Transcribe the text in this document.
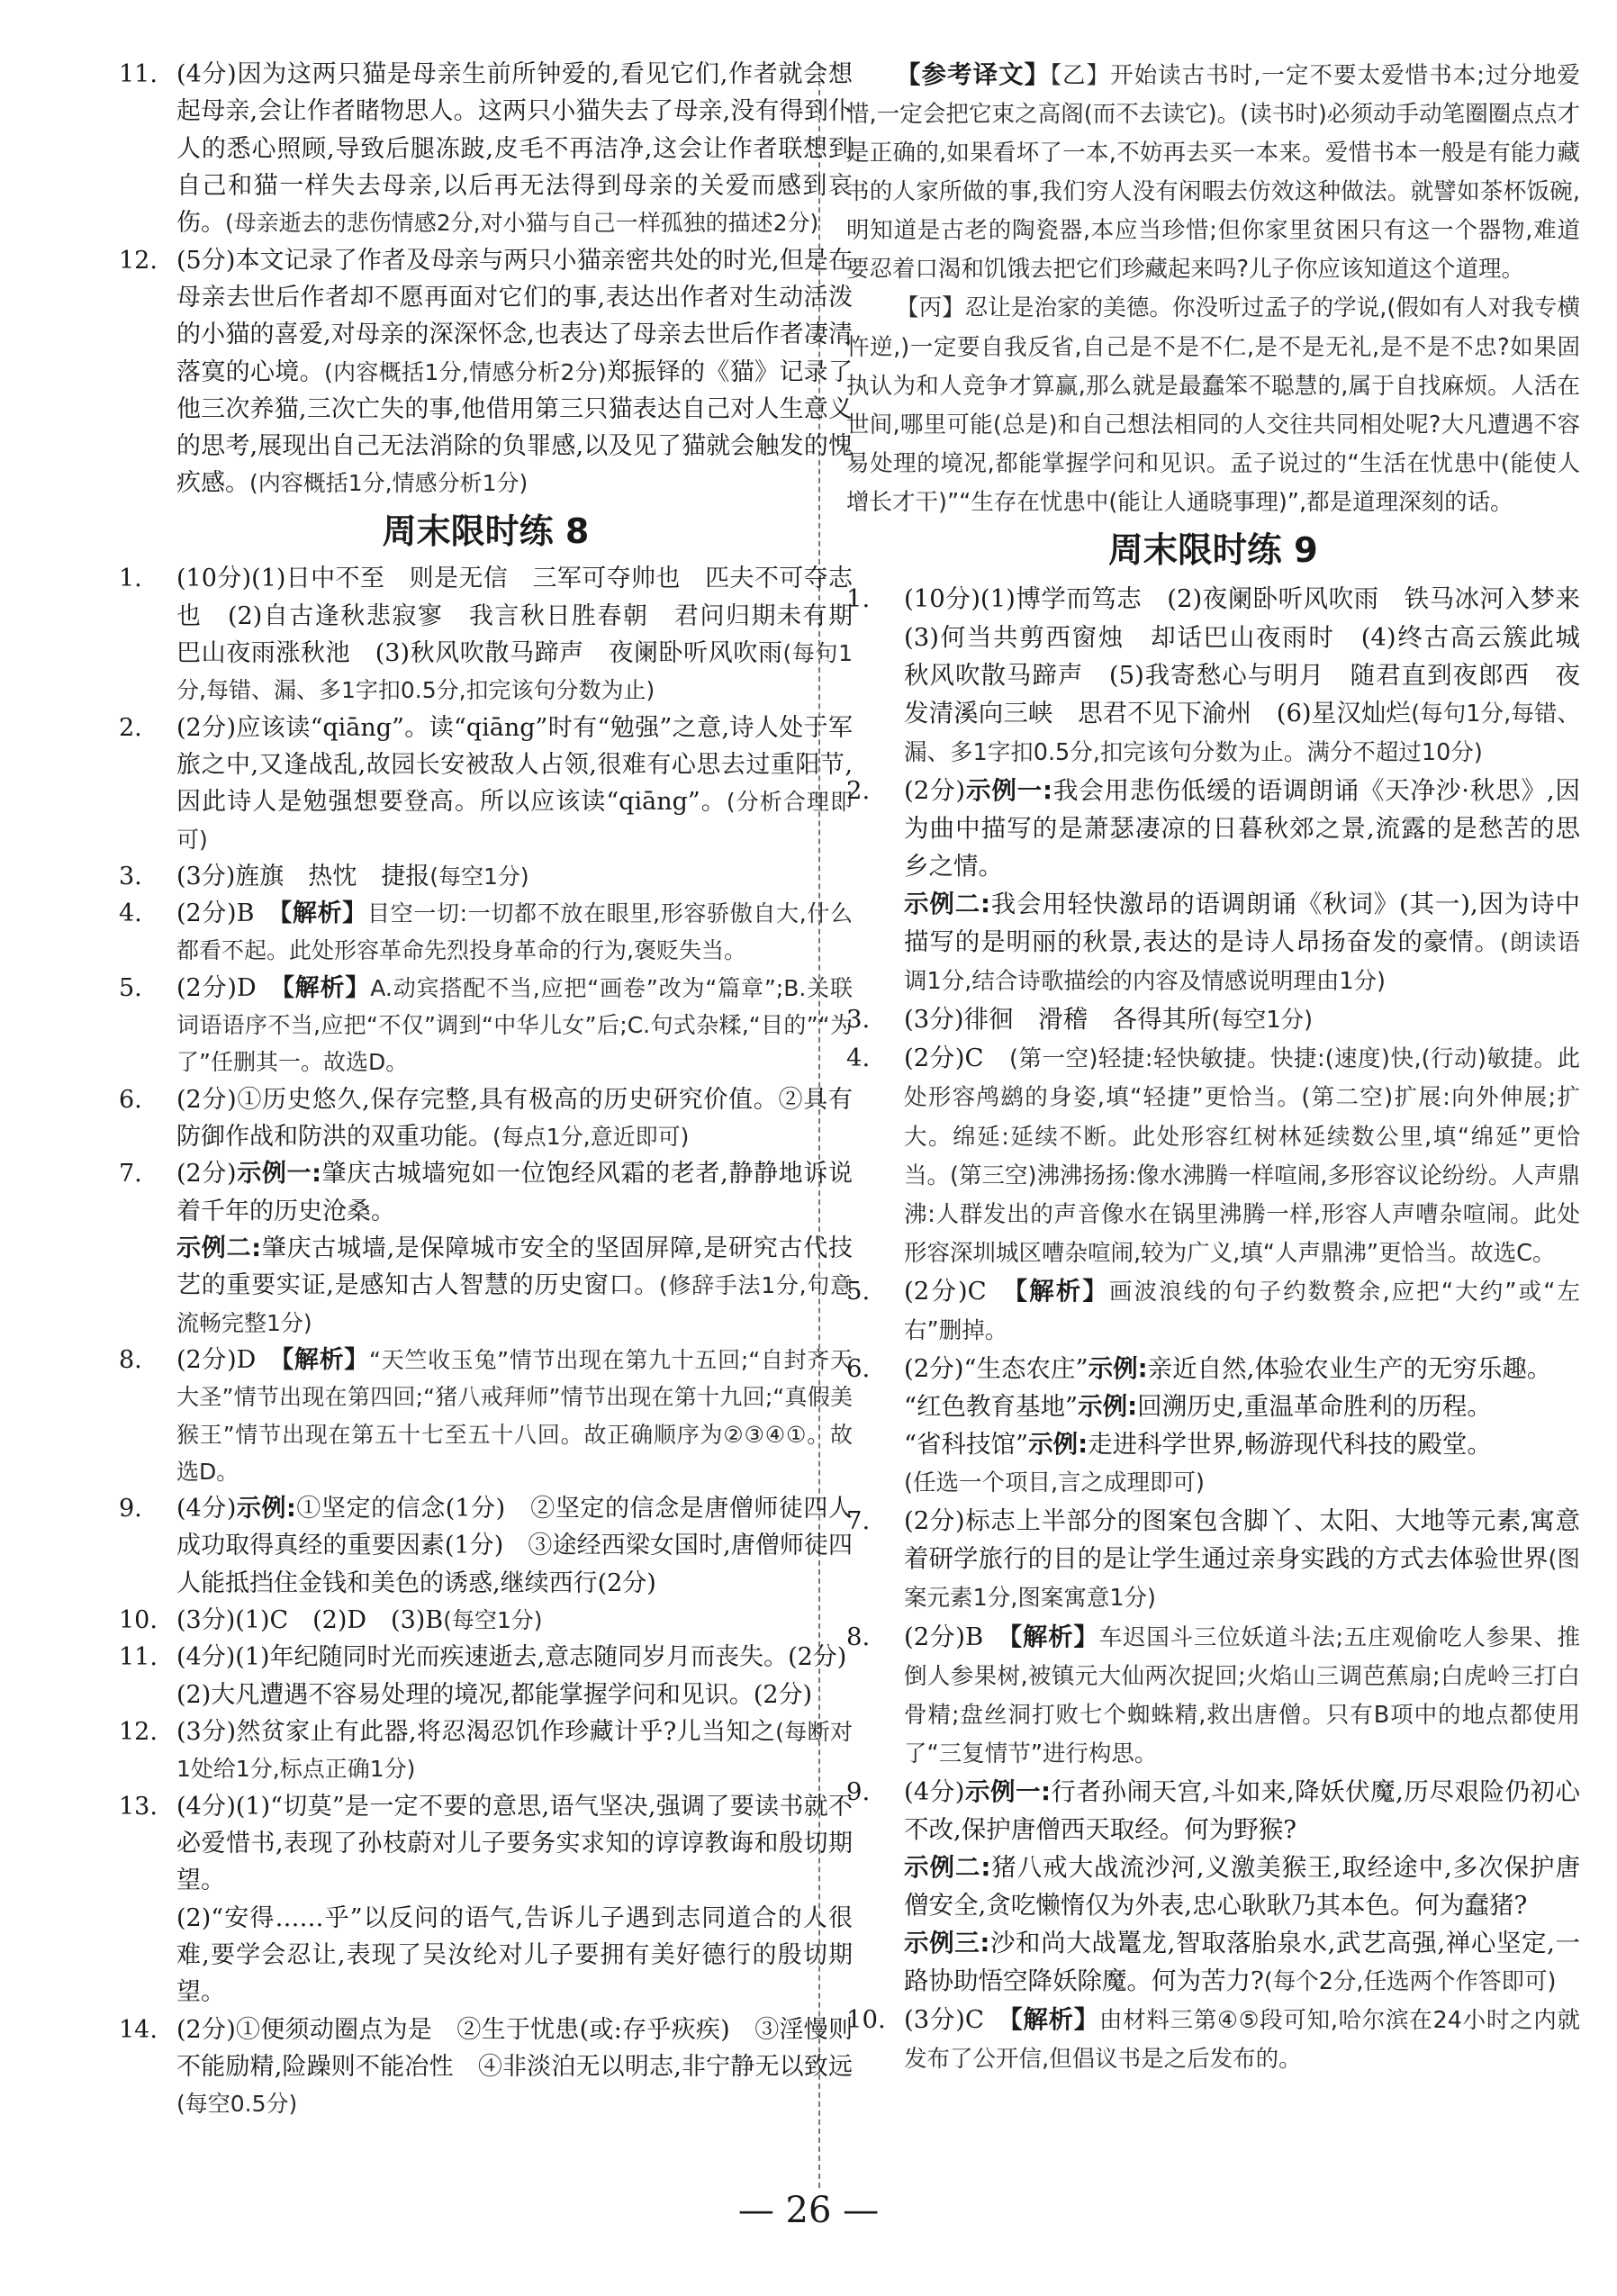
11. (4分)因为这两只猫是母亲生前所钟爱的,看见它们,作者就会想起母亲,会让作者睹物思人。这两只小猫失去了母亲,没有得到仆人的悉心照顾,导致后腿冻跛,皮毛不再洁净,这会让作者联想到自己和猫一样失去母亲,以后再无法得到母亲的关爱而感到哀伤。(母亲逝去的悲伤情感2分,对小猫与自己一样孤独的描述2分)

12. (5分)本文记录了作者及母亲与两只小猫亲密共处的时光,但是在母亲去世后作者却不愿再面对它们的事,表达出作者对生动活泼的小猫的喜爱,对母亲的深深怀念,也表达了母亲去世后作者凄清落寞的心境。(内容概括1分,情感分析2分)郑振铎的《猫》记录了他三次养猫,三次亡失的事,他借用第三只猫表达自己对人生意义的思考,展现出自己无法消除的负罪感,以及见了猫就会触发的愧疚感。(内容概括1分,情感分析1分)

周末限时练 8

1.	(10分)(1)日中不至　则是无信　三军可夺帅也　匹夫不可夺志也　(2)自古逢秋悲寂寥　我言秋日胜春朝　君问归期未有期　巴山夜雨涨秋池　(3)秋风吹散马蹄声　夜阑卧听风吹雨(每句1分,每错、漏、多1字扣0.5分,扣完该句分数为止)

2.	(2分)应该读“qiāng”。读“qiāng”时有“勉强”之意,诗人处于军旅之中,又逢战乱,故园长安被敌人占领,很难有心思去过重阳节,因此诗人是勉强想要登高。所以应该读“qiāng”。(分析合理即可)

3.	(3分)旌旗　热忱　捷报(每空1分)

4.	(2分)B　【解析】目空一切:一切都不放在眼里,形容骄傲自大,什么都看不起。此处形容革命先烈投身革命的行为,褒贬失当。

5.	(2分)D　【解析】A.动宾搭配不当,应把“画卷”改为“篇章”;B.关联词语语序不当,应把“不仅”调到“中华儿女”后;C.句式杂糅,“目的”“为了”任删其一。故选D。

6.	(2分)①历史悠久,保存完整,具有极高的历史研究价值。②具有防御作战和防洪的双重功能。(每点1分,意近即可)

7.	(2分)示例一:肇庆古城墙宛如一位饱经风霜的老者,静静地诉说着千年的历史沧桑。
示例二:肇庆古城墙,是保障城市安全的坚固屏障,是研究古代技艺的重要实证,是感知古人智慧的历史窗口。(修辞手法1分,句意流畅完整1分)

8.	(2分)D　【解析】“天竺收玉兔”情节出现在第九十五回;“自封齐天大圣”情节出现在第四回;“猪八戒拜师”情节出现在第十九回;“真假美猴王”情节出现在第五十七至五十八回。故正确顺序为②③④①。故选D。

9.	(4分)示例:①坚定的信念(1分)　②坚定的信念是唐僧师徒四人成功取得真经的重要因素(1分)　③途经西梁女国时,唐僧师徒四人能抵挡住金钱和美色的诱惑,继续西行(2分)

10. (3分)(1)C　(2)D　(3)B(每空1分)

11. (4分)(1)年纪随同时光而疾速逝去,意志随同岁月而丧失。(2分)
(2)大凡遭遇不容易处理的境况,都能掌握学问和见识。(2分)

12. (3分)然贫家止有此器,将忍渴忍饥作珍藏计乎?儿当知之(每断对1处给1分,标点正确1分)

13. (4分)(1)“切莫”是一定不要的意思,语气坚决,强调了要读书就不必爱惜书,表现了孙枝蔚对儿子要务实求知的谆谆教诲和殷切期望。
(2)“安得……乎”以反问的语气,告诉儿子遇到志同道合的人很难,要学会忍让,表现了吴汝纶对儿子要拥有美好德行的殷切期望。

14. (2分)①便须动圈点为是　②生于忧患(或:存乎疢疾)　③淫慢则不能励精,险躁则不能冶性　④非淡泊无以明志,非宁静无以致远(每空0.5分)

【参考译文】【乙】开始读古书时,一定不要太爱惜书本;过分地爱惜,一定会把它束之高阁(而不去读它)。(读书时)必须动手动笔圈圈点点才是正确的,如果看坏了一本,不妨再去买一本来。爱惜书本一般是有能力藏书的人家所做的事,我们穷人没有闲暇去仿效这种做法。就譬如茶杯饭碗,明知道是古老的陶瓷器,本应当珍惜;但你家里贫困只有这一个器物,难道要忍着口渴和饥饿去把它们珍藏起来吗?儿子你应该知道这个道理。

【丙】忍让是治家的美德。你没听过孟子的学说,(假如有人对我专横忤逆,)一定要自我反省,自己是不是不仁,是不是无礼,是不是不忠?如果固执认为和人竞争才算赢,那么就是最蠢笨不聪慧的,属于自找麻烦。人活在世间,哪里可能(总是)和自己想法相同的人交往共同相处呢?大凡遭遇不容易处理的境况,都能掌握学问和见识。孟子说过的“生活在忧患中(能使人增长才干)”“生存在忧患中(能让人通晓事理)”,都是道理深刻的话。

周末限时练 9

1.	(10分)(1)博学而笃志　(2)夜阑卧听风吹雨　铁马冰河入梦来　(3)何当共剪西窗烛　却话巴山夜雨时　(4)终古高云簇此城　秋风吹散马蹄声　(5)我寄愁心与明月　随君直到夜郎西　夜发清溪向三峡　思君不见下渝州　(6)星汉灿烂(每句1分,每错、漏、多1字扣0.5分,扣完该句分数为止。满分不超过10分)

2.	(2分)示例一:我会用悲伤低缓的语调朗诵《天净沙·秋思》,因为曲中描写的是萧瑟凄凉的日暮秋郊之景,流露的是愁苦的思乡之情。
示例二:我会用轻快激昂的语调朗诵《秋词》(其一),因为诗中描写的是明丽的秋景,表达的是诗人昂扬奋发的豪情。(朗读语调1分,结合诗歌描绘的内容及情感说明理由1分)

3.	(3分)徘徊　滑稽　各得其所(每空1分)

4.	(2分)C　(第一空)轻捷:轻快敏捷。快捷:(速度)快,(行动)敏捷。此处形容鸬鹚的身姿,填“轻捷”更恰当。(第二空)扩展:向外伸展;扩大。绵延:延续不断。此处形容红树林延续数公里,填“绵延”更恰当。(第三空)沸沸扬扬:像水沸腾一样喧闹,多形容议论纷纷。人声鼎沸:人群发出的声音像水在锅里沸腾一样,形容人声嘈杂喧闹。此处形容深圳城区嘈杂喧闹,较为广义,填“人声鼎沸”更恰当。故选C。

5.	(2分)C　【解析】画波浪线的句子约数赘余,应把“大约”或“左右”删掉。

6.	(2分)“生态农庄”示例:亲近自然,体验农业生产的无穷乐趣。
“红色教育基地”示例:回溯历史,重温革命胜利的历程。
“省科技馆”示例:走进科学世界,畅游现代科技的殿堂。
(任选一个项目,言之成理即可)

7.	(2分)标志上半部分的图案包含脚丫、太阳、大地等元素,寓意着研学旅行的目的是让学生通过亲身实践的方式去体验世界(图案元素1分,图案寓意1分)

8.	(2分)B　【解析】车迟国斗三位妖道斗法;五庄观偷吃人参果、推倒人参果树,被镇元大仙两次捉回;火焰山三调芭蕉扇;白虎岭三打白骨精;盘丝洞打败七个蜘蛛精,救出唐僧。只有B项中的地点都使用了“三复情节”进行构思。

9.	(4分)示例一:行者孙闹天宫,斗如来,降妖伏魔,历尽艰险仍初心不改,保护唐僧西天取经。何为野猴?
示例二:猪八戒大战流沙河,义激美猴王,取经途中,多次保护唐僧安全,贪吃懒惰仅为外表,忠心耿耿乃其本色。何为蠢猪?
示例三:沙和尚大战鼍龙,智取落胎泉水,武艺高强,禅心坚定,一路协助悟空降妖除魔。何为苦力?(每个2分,任选两个作答即可)

10. (3分)C　【解析】由材料三第④⑤段可知,哈尔滨在24小时之内就发布了公开信,但倡议书是之后发布的。

— 26 —
